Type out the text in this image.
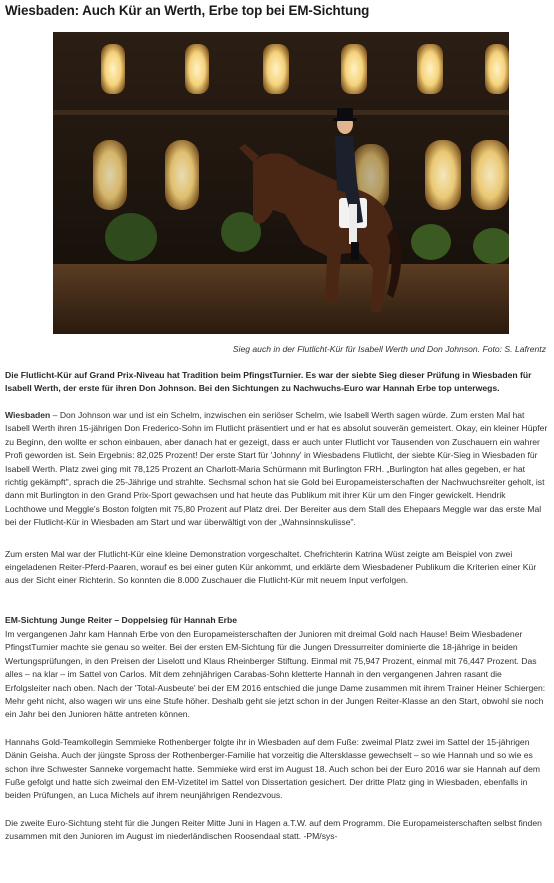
Wiesbaden: Auch Kür an Werth, Erbe top bei EM-Sichtung
Sieg auch in der Flutlicht-Kür für Isabell Werth und Don Johnson. Foto: S. Lafrentz

Die Flutlicht-Kür auf Grand Prix-Niveau hat Tradition beim PfingstTurnier. Es war der siebte Sieg dieser Prüfung in Wiesbaden für Isabell Werth, der erste für ihren Don Johnson. Bei den Sichtungen zu Nachwuchs-Euro war Hannah Erbe top unterwegs.

Wiesbaden – Don Johnson war und ist ein Schelm, inzwischen ein seriöser Schelm, wie Isabell Werth sagen würde. Zum ersten Mal hat Isabell Werth ihren 15-jährigen Don Frederico-Sohn im Flutlicht präsentiert und er hat es absolut souverän gemeistert. Okay, ein kleiner Hüpfer zu Beginn, den wollte er schon einbauen, aber danach hat er gezeigt, dass er auch unter Flutlicht vor Tausenden von Zuschauern ein wahrer Profi geworden ist. Sein Ergebnis: 82,025 Prozent! Der erste Start für 'Johnny' in Wiesbadens Flutlicht, der siebte Kür-Sieg in Wiesbaden für Isabell Werth. Platz zwei ging mit 78,125 Prozent an Charlott-Maria Schürmann mit Burlington FRH. „Burlington hat alles gegeben, er hat richtig gekämpft", sprach die 25-Jährige und strahlte. Sechsmal schon hat sie Gold bei Europameisterschaften der Nachwuchsreiter geholt, ist dann mit Burlington in den Grand Prix-Sport gewachsen und hat heute das Publikum mit ihrer Kür um den Finger gewickelt. Hendrik Lochthowe und Meggle's Boston folgten mit 75,80 Prozent auf Platz drei. Der Bereiter aus dem Stall des Ehepaars Meggle war das erste Mal bei der Flutlicht-Kür in Wiesbaden am Start und war überwältigt von der „Wahnsinnskulisse".

Zum ersten Mal war der Flutlicht-Kür eine kleine Demonstration vorgeschaltet. Chefrichterin Katrina Wüst zeigte am Beispiel von zwei eingeladenen Reiter-Pferd-Paaren, worauf es bei einer guten Kür ankommt, und erklärte dem Wiesbadener Publikum die Kriterien einer Kür aus der Sicht einer Richterin. So konnten die 8.000 Zuschauer die Flutlicht-Kür mit neuem Input verfolgen.

EM-Sichtung Junge Reiter – Doppelsieg für Hannah Erbe

Im vergangenen Jahr kam Hannah Erbe von den Europameisterschaften der Junioren mit dreimal Gold nach Hause! Beim Wiesbadener PfingstTurnier machte sie genau so weiter. Bei der ersten EM-Sichtung für die Jungen Dressurreiter dominierte die 18-jährige in beiden Wertungsprüfungen, in den Preisen der Liselott und Klaus Rheinberger Stiftung. Einmal mit 75,947 Prozent, einmal mit 76,447 Prozent. Das alles – na klar – im Sattel von Carlos. Mit dem zehnjährigen Carabas-Sohn kletterte Hannah in den vergangenen Jahren rasant die Erfolgsleiter nach oben. Nach der 'Total-Ausbeute' bei der EM 2016 entschied die junge Dame zusammen mit ihrem Trainer Heiner Schiergen: Mehr geht nicht, also wagen wir uns eine Stufe höher. Deshalb geht sie jetzt schon in der Jungen Reiter-Klasse an den Start, obwohl sie noch ein Jahr bei den Junioren hätte antreten können.

Hannahs Gold-Teamkollegin Semmieke Rothenberger folgte ihr in Wiesbaden auf dem Fuße: zweimal Platz zwei im Sattel der 15-jährigen Dänin Geisha. Auch der jüngste Spross der Rothenberger-Familie hat vorzeitig die Altersklasse gewechselt – so wie Hannah und so wie es schon ihre Schwester Sanneke vorgemacht hatte. Semmieke wird erst im August 18. Auch schon bei der Euro 2016 war sie Hannah auf dem Fuße gefolgt und hatte sich zweimal den EM-Vizetitel im Sattel von Dissertation gesichert. Der dritte Platz ging in Wiesbaden, ebenfalls in beiden Prüfungen, an Luca Michels auf ihrem neunjährigen Rendezvous.

Die zweite Euro-Sichtung steht für die Jungen Reiter Mitte Juni in Hagen a.T.W. auf dem Programm. Die Europameisterschaften selbst finden zusammen mit den Junioren im August im niederländischen Roosendaal statt. -PM/sys-
